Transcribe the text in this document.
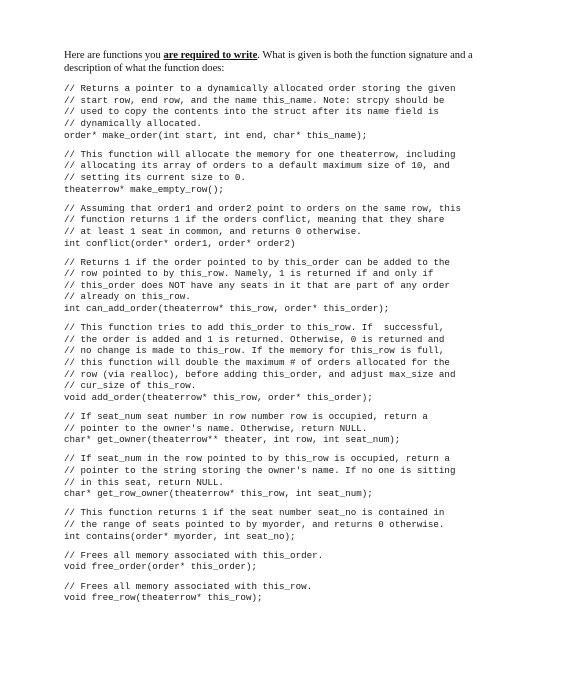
Here are functions you are required to write. What is given is both the function signature and a
description of what the function does:
// Returns a pointer to a dynamically allocated order storing the given
// start row, end row, and the name this_name. Note: strcpy should be
// used to copy the contents into the struct after its name field is
// dynamically allocated.
order* make_order(int start, int end, char* this_name);
// This function will allocate the memory for one theaterrow, including
// allocating its array of orders to a default maximum size of 10, and
// setting its current size to 0.
theaterrow* make_empty_row();
// Assuming that order1 and order2 point to orders on the same row, this
// function returns 1 if the orders conflict, meaning that they share
// at least 1 seat in common, and returns 0 otherwise.
int conflict(order* order1, order* order2)
// Returns 1 if the order pointed to by this_order can be added to the
// row pointed to by this_row. Namely, 1 is returned if and only if
// this_order does NOT have any seats in it that are part of any order
// already on this_row.
int can_add_order(theaterrow* this_row, order* this_order);
// This function tries to add this_order to this_row. If  successful,
// the order is added and 1 is returned. Otherwise, 0 is returned and
// no change is made to this_row. If the memory for this_row is full,
// this function will double the maximum # of orders allocated for the
// row (via realloc), before adding this_order, and adjust max_size and
// cur_size of this_row.
void add_order(theaterrow* this_row, order* this_order);
// If seat_num seat number in row number row is occupied, return a
// pointer to the owner's name. Otherwise, return NULL.
char* get_owner(theaterrow** theater, int row, int seat_num);
// If seat_num in the row pointed to by this_row is occupied, return a
// pointer to the string storing the owner's name. If no one is sitting
// in this seat, return NULL.
char* get_row_owner(theaterrow* this_row, int seat_num);
// This function returns 1 if the seat number seat_no is contained in
// the range of seats pointed to by myorder, and returns 0 otherwise.
int contains(order* myorder, int seat_no);
// Frees all memory associated with this_order.
void free_order(order* this_order);
// Frees all memory associated with this_row.
void free_row(theaterrow* this_row);
